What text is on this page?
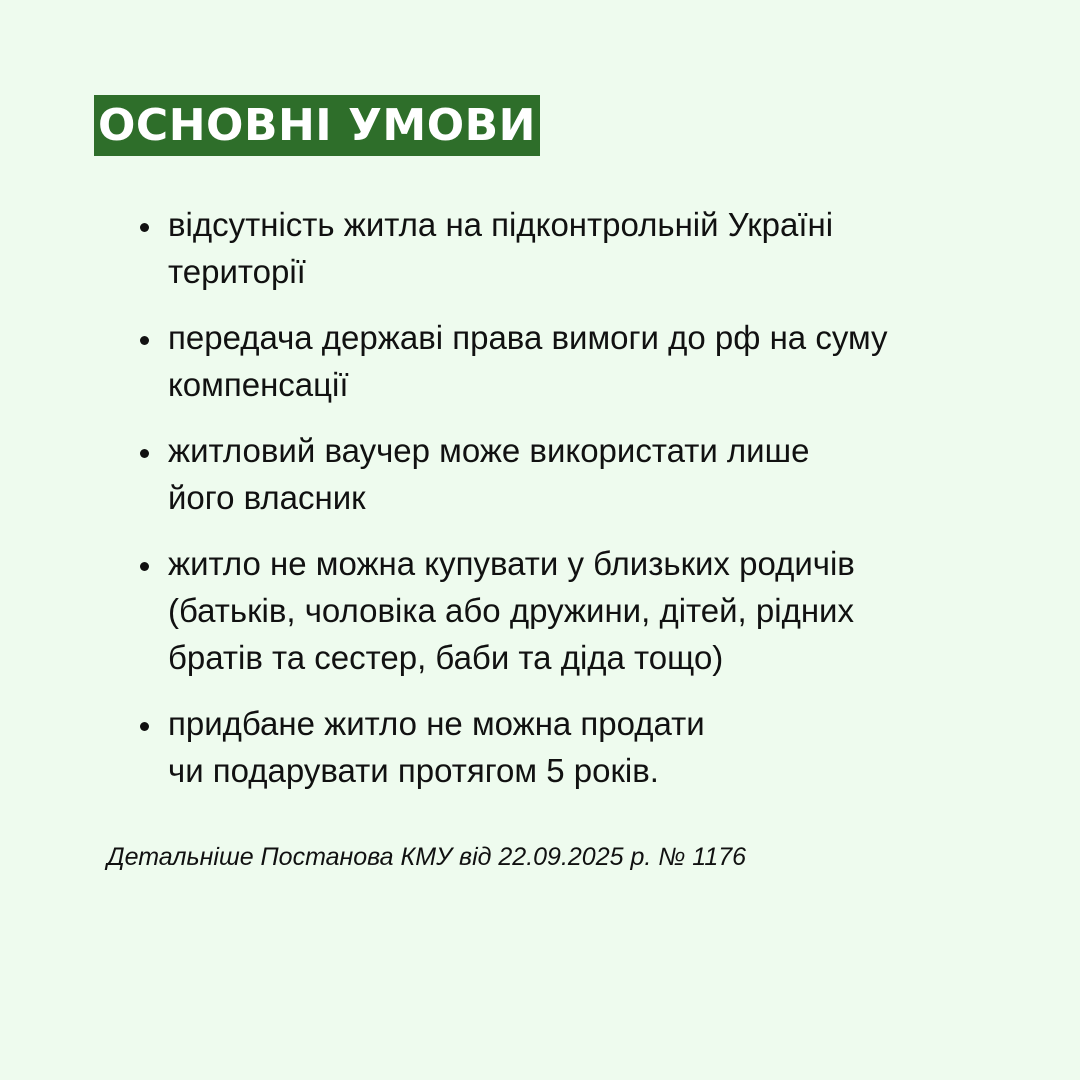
ОСНОВНІ УМОВИ
відсутність житла на підконтрольній Україні
території
передача державі права вимоги до рф на суму
компенсації
житловий ваучер може використати лише
його власник
житло не можна купувати у близьких родичів
(батьків, чоловіка або дружини, дітей, рідних
братів та сестер, баби та діда тощо)
придбане житло не можна продати
чи подарувати протягом 5 років.
Детальніше Постанова КМУ від 22.09.2025 р. № 1176
